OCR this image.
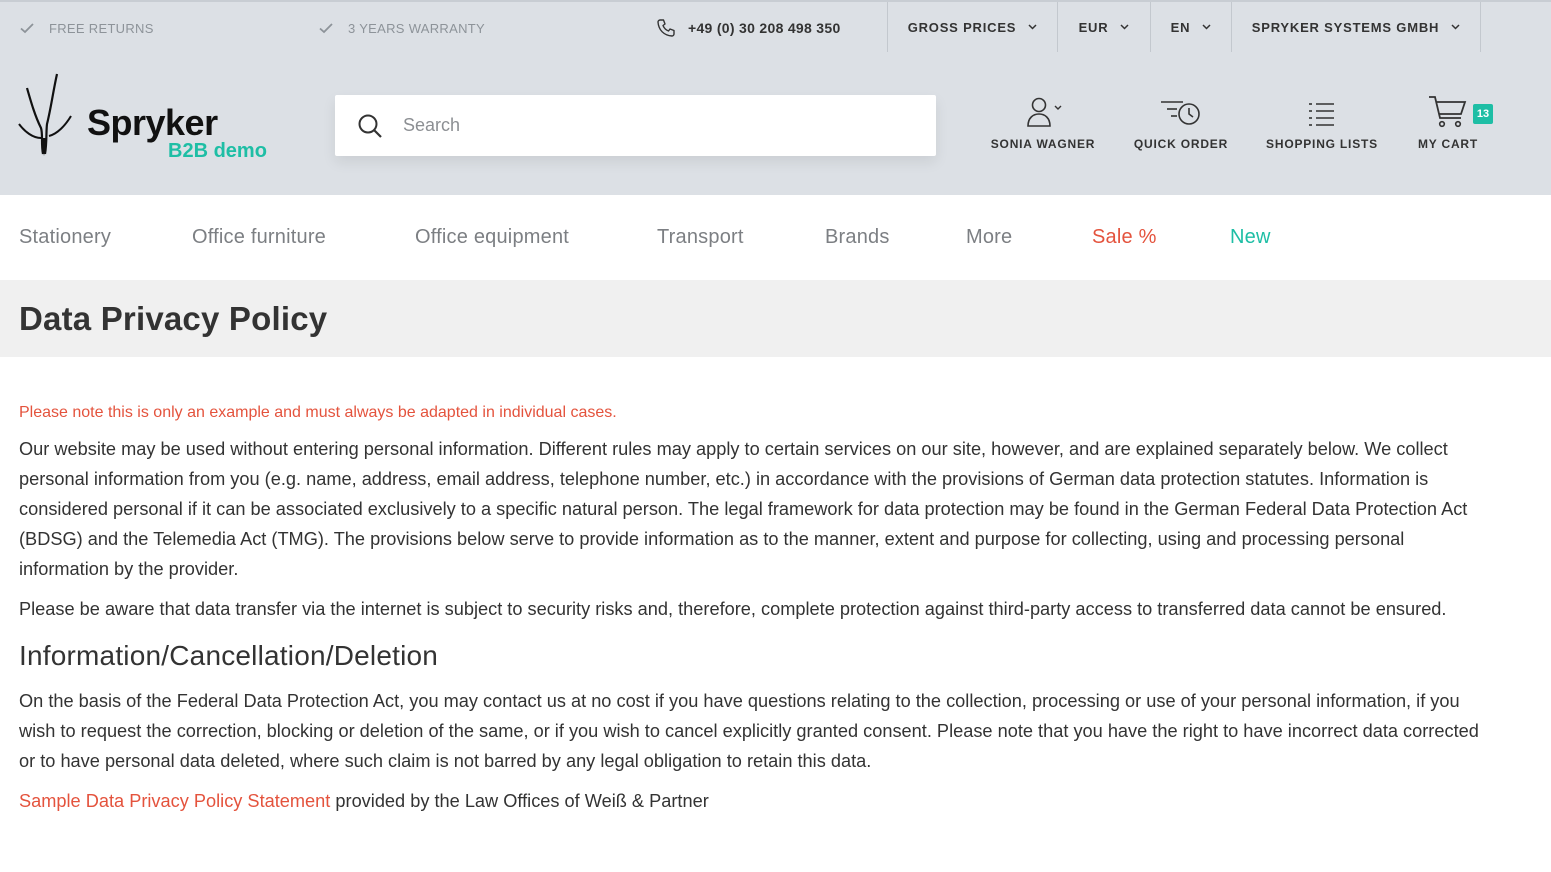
FREE RETURNS	3 YEARS WARRANTY	+49 (0) 30 208 498 350	GROSS PRICES	EUR	EN	SPRYKER SYSTEMS GMBH
Spryker
B2B demo
Search	SONIA WAGNER	QUICK ORDER	SHOPPING LISTS
13
MY CART
Stationery	Office furniture	Office equipment	Transport	Brands	More	Sale %	New
Data Privacy Policy

Please note this is only an example and must always be adapted in individual cases.

Our website may be used without entering personal information. Different rules may apply to certain services on our site, however, and are explained separately below. We collect personal information from you (e.g. name, address, email address, telephone number, etc.) in accordance with the provisions of German data protection statutes. Information is considered personal if it can be associated exclusively to a specific natural person. The legal framework for data protection may be found in the German Federal Data Protection Act (BDSG) and the Telemedia Act (TMG). The provisions below serve to provide information as to the manner, extent and purpose for collecting, using and processing personal information by the provider.

Please be aware that data transfer via the internet is subject to security risks and, therefore, complete protection against third-party access to transferred data cannot be ensured.

Information/Cancellation/Deletion

On the basis of the Federal Data Protection Act, you may contact us at no cost if you have questions relating to the collection, processing or use of your personal information, if you wish to request the correction, blocking or deletion of the same, or if you wish to cancel explicitly granted consent. Please note that you have the right to have incorrect data corrected or to have personal data deleted, where such claim is not barred by any legal obligation to retain this data.

Sample Data Privacy Policy Statement provided by the Law Offices of Weiß & Partner
